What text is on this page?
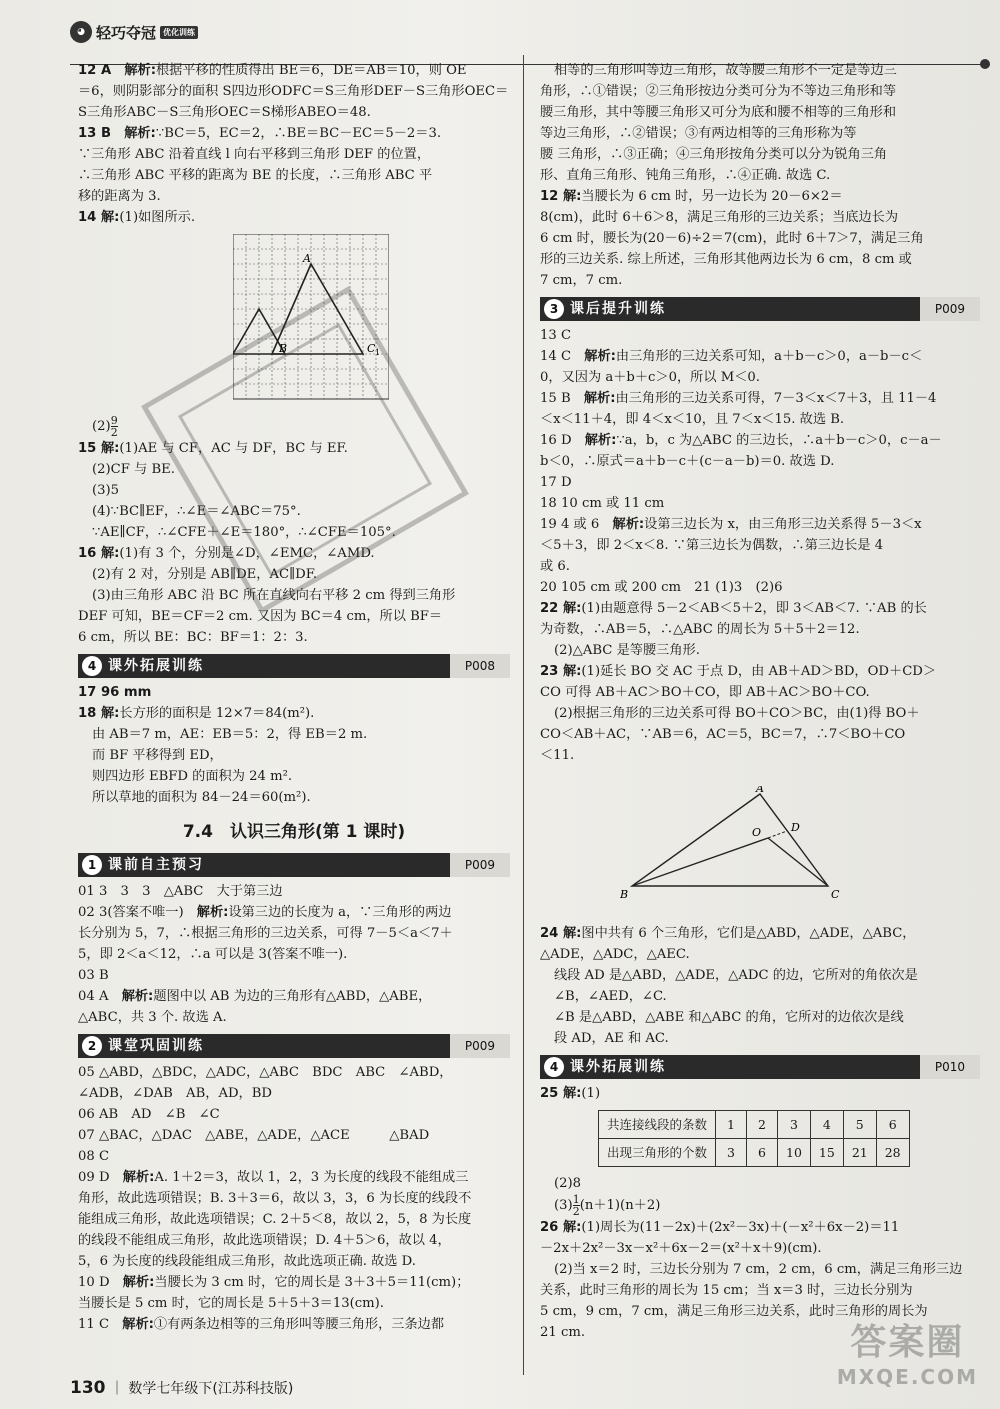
◕ 轻巧夺冠 优化训练
12 A　 解析:根据平移的性质得出 BE＝6，DE＝AB＝10，则 OE
＝6，则阴影部分的面积 S四边形ODFC＝S三角形DEF－S三角形OEC＝
S三角形ABC－S三角形OEC＝S梯形ABEO＝48.
13 B　 解析:∵BC＝5，EC＝2，∴BE＝BC－EC＝5－2＝3.
∵三角形 ABC 沿着直线 l 向右平移到三角形 DEF 的位置，
∴三角形 ABC 平移的距离为 BE 的长度，∴三角形 ABC 平
移的距离为 3.
14 解:(1)如图所示.
A
B	C 1
$(2) \frac{9}{2}$
15 解:(1)AE 与 CF，AC 与 DF，BC 与 EF.
(2)CF 与 BE.
(3)5
(4)∵BC∥EF，∴∠E＝∠ABC＝75°.
∵AE∥CF，∴∠CFE＋∠E＝180°，∴∠CFE＝105°.
16 解:(1)有 3 个，分别是∠D，∠EMC，∠AMD.
(2)有 2 对，分别是 AB∥DE，AC∥DF.
(3)由三角形 ABC 沿 BC 所在直线向右平移 2 cm 得到三角形
DEF 可知，BE＝CF＝2 cm. 又因为 BC＝4 cm，所以 BF＝
6 cm，所以 BE：BC：BF＝1：2：3.
4 课外拓展训练	P008
17 96 mm
18 解:长方形的面积是 12×7＝84(m²).
由 AB＝7 m，AE：EB＝5：2，得 EB＝2 m.
而 BF 平移得到 ED，
则四边形 EBFD 的面积为 24 m².
所以草地的面积为 84－24＝60(m²).
7.4　认识三角形(第 1 课时)
1 课前自主预习	P009
01 3　3　3　△ABC　大于第三边
02 3(答案不唯一)　 解析:设第三边的长度为 a，∵三角形的两边
长分别为 5，7，∴根据三角形的三边关系，可得 7－5＜a＜7＋
5，即 2＜a＜12，∴a 可以是 3(答案不唯一).
03 B
04 A　 解析:题图中以 AB 为边的三角形有△ABD，△ABE，
△ABC，共 3 个. 故选 A.
2 课堂巩固训练	P009
05 △ABD，△BDC，△ADC，△ABC　BDC　ABC　∠ABD，
∠ADB，∠DAB　AB，AD，BD
06 AB　AD　∠B　∠C
07 △BAC，△DAC　△ABE，△ADE，△ACE　　　△BAD
08 C
09 D　 解析:A. 1＋2＝3，故以 1，2，3 为长度的线段不能组成三
角形，故此选项错误；B. 3＋3＝6，故以 3，3，6 为长度的线段不
能组成三角形，故此选项错误；C. 2＋5＜8，故以 2，5，8 为长度
的线段不能组成三角形，故此选项错误；D. 4＋5＞6，故以 4，
5，6 为长度的线段能组成三角形，故此选项正确. 故选 D.
10 D　 解析:当腰长为 3 cm 时，它的周长是 3＋3＋5＝11(cm)；
当腰长是 5 cm 时，它的周长是 5＋5＋3＝13(cm).
11 C　 解析:①有两条边相等的三角形叫等腰三角形，三条边都
相等的三角形叫等边三角形，故等腰三角形不一定是等边三
角形，∴①错误；②三角形按边分类可分为不等边三角形和等
腰三角形，其中等腰三角形又可分为底和腰不相等的三角形和
等边三角形，∴②错误；③有两边相等的三角形称为等
腰 三角形，∴③正确；④三角形按角分类可以分为锐角三角
形、直角三角形、钝角三角形，∴④正确. 故选 C.
12 解:当腰长为 6 cm 时，另一边长为 20－6×2＝
8(cm)，此时 6＋6＞8，满足三角形的三边关系；当底边长为
6 cm 时，腰长为(20－6)÷2＝7(cm)，此时 6＋7＞7，满足三角
形的三边关系. 综上所述，三角形其他两边长为 6 cm，8 cm 或
7 cm，7 cm.
3 课后提升训练	P009
13 C
14 C　 解析:由三角形的三边关系可知，a＋b－c＞0，a－b－c＜
0，又因为 a＋b＋c＞0，所以 M＜0.
15 B　 解析:由三角形的三边关系可得，7－3＜x＜7＋3，且 11－4
＜x＜11＋4，即 4＜x＜10，且 7＜x＜15. 故选 B.
16 D　 解析:∵a，b，c 为△ABC 的三边长，∴a＋b－c＞0，c－a－
b＜0，∴原式＝a＋b－c＋(c－a－b)＝0. 故选 D.
17 D
18 10 cm 或 11 cm
19 4 或 6　 解析:设第三边长为 x，由三角形三边关系得 5－3＜x
＜5＋3，即 2＜x＜8. ∵第三边长为偶数，∴第三边长是 4
或 6.
20 105 cm 或 200 cm　21 (1)3　(2)6
22 解:(1)由题意得 5－2＜AB＜5＋2，即 3＜AB＜7. ∵AB 的长
为奇数，∴AB＝5，∴△ABC 的周长为 5＋5＋2＝12.
(2)△ABC 是等腰三角形.
23 解:(1)延长 BO 交 AC 于点 D，由 AB＋AD＞BD，OD＋CD＞
CO 可得 AB＋AC＞BO＋CO，即 AB＋AC＞BO＋CO.
(2)根据三角形的三边关系可得 BO＋CO＞BC，由(1)得 BO＋
CO＜AB＋AC，∵AB＝6，AC＝5，BC＝7，∴7＜BO＋CO
＜11.
A
B	C
D
O
24 解:图中共有 6 个三角形，它们是△ABD，△ADE，△ABC，
△ADE，△ADC，△AEC.
线段 AD 是△ABD，△ADE，△ADC 的边，它所对的角依次是
∠B，∠AED，∠C.
∠B 是△ABD，△ABE 和△ABC 的角，它所对的边依次是线
段 AD，AE 和 AC.
4 课外拓展训练	P010
25 解:(1)
共连接线段的条数	1	2	3	4	5	6
出现三角形的个数	3	6	10	15	21	28
(2)8
$(3) \frac{1}{2} (n+1)(n+2)$
26 解:(1)周长为(11－2x)＋(2x²－3x)＋(－x²＋6x－2)＝11
－2x＋2x²－3x－x²＋6x－2＝(x²＋x＋9)(cm).
(2)当 x＝2 时，三边长分别为 7 cm，2 cm，6 cm，满足三角形三边
关系，此时三角形的周长为 15 cm；当 x＝3 时，三边长分别为
5 cm，9 cm，7 cm，满足三角形三边关系，此时三角形的周长为
21 cm.
130 ｜ 数学七年级下(江苏科技版)
答案圈
MXQE.COM
